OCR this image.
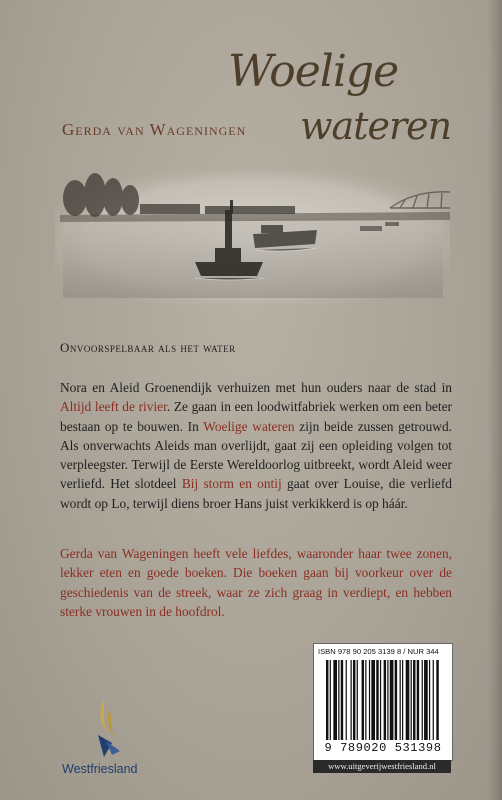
Woelige
wateren
Gerda van Wageningen
Onvoorspelbaar als het water

Nora en Aleid Groenendijk verhuizen met hun ouders naar de stad in Altijd leeft de rivier. Ze gaan in een loodwitfabriek werken om een beter bestaan op te bouwen. In Woelige wateren zijn beide zussen getrouwd. Als onverwachts Aleids man overlijdt, gaat zij een opleiding volgen tot verpleegster. Terwijl de Eerste Wereldoorlog uitbreekt, wordt Aleid weer verliefd. Het slotdeel Bij storm en ontij gaat over Louise, die verliefd wordt op Lo, terwijl diens broer Hans juist verkikkerd is op háár.

Gerda van Wageningen heeft vele liefdes, waaronder haar twee zonen, lekker eten en goede boeken. Die boeken gaan bij voorkeur over de geschiedenis van de streek, waar ze zich graag in verdiept, en hebben sterke vrouwen in de hoofdrol.

Westfriesland
ISBN 978 90 205 3139 8 / NUR 344
9 789020 531398
www.uitgeverijwestfriesland.nl
